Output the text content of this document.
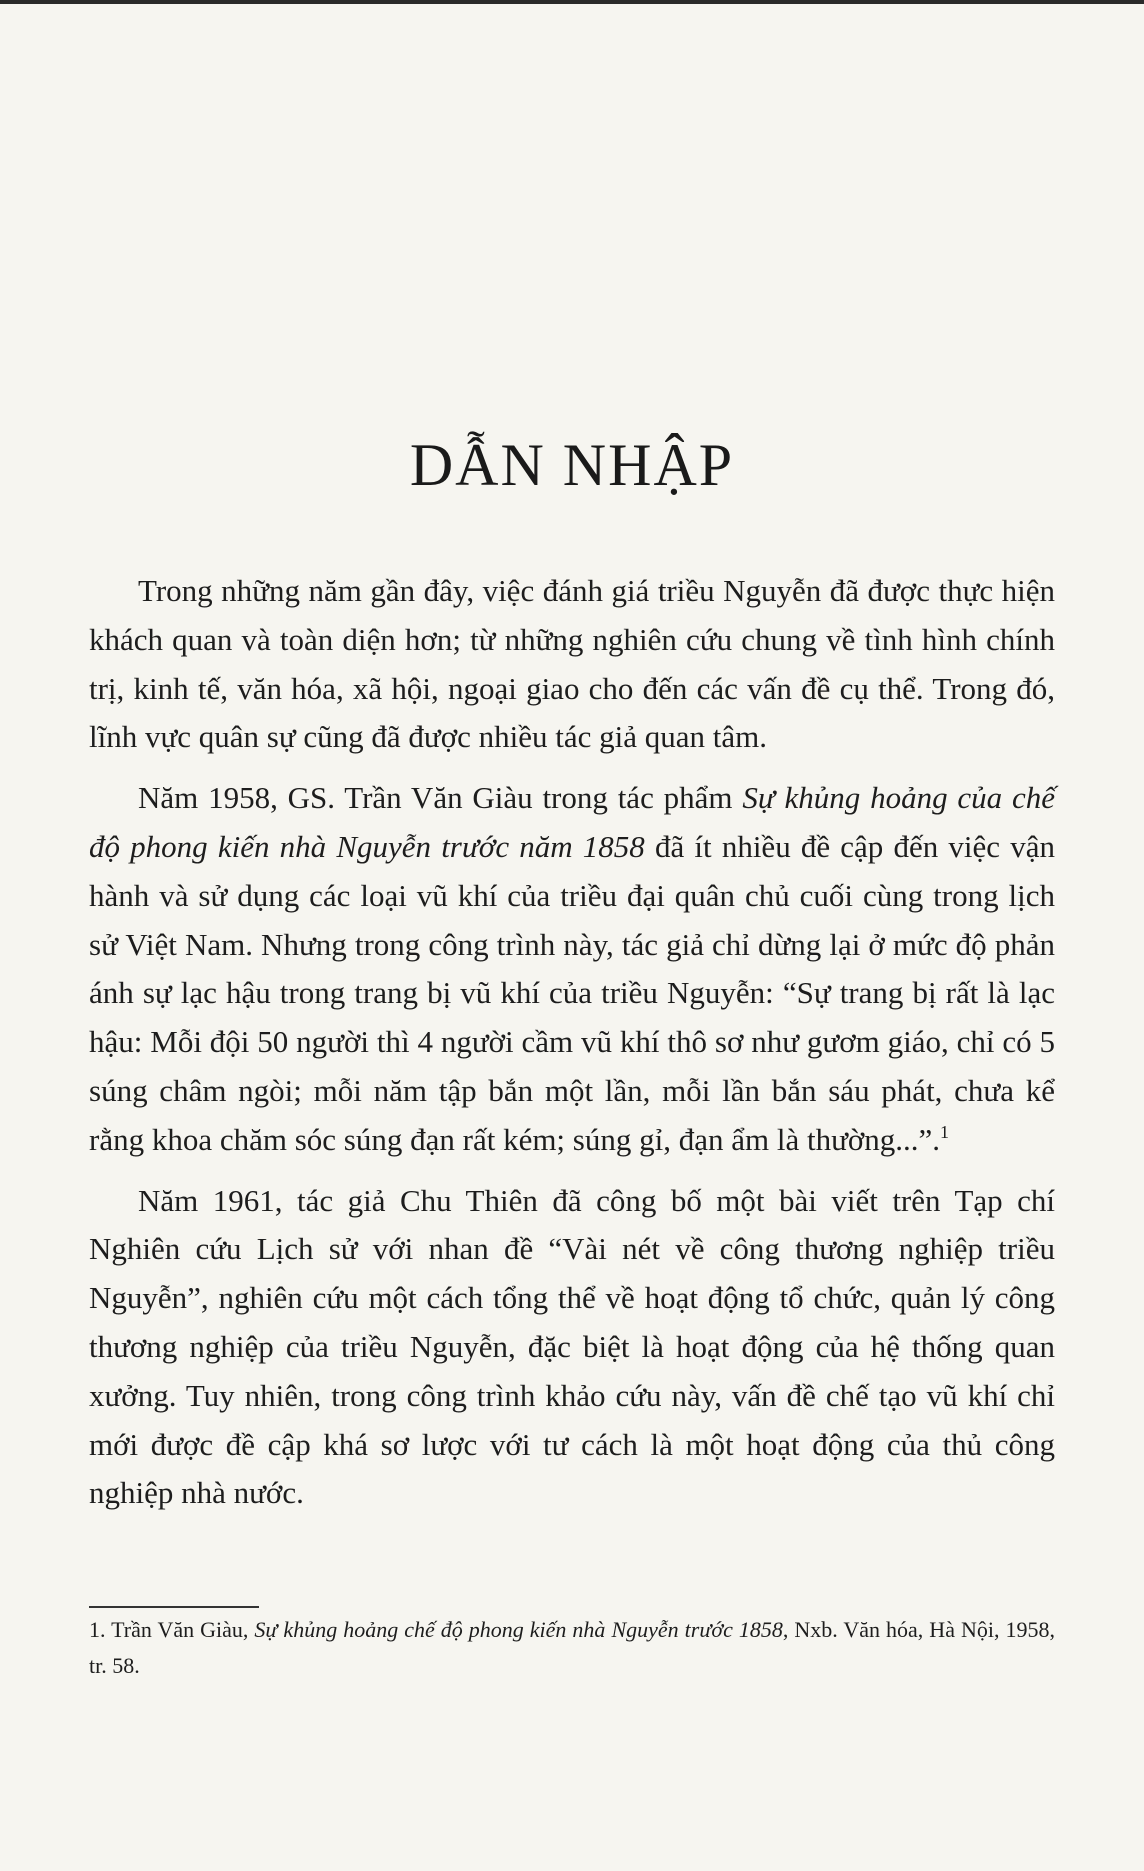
DẪN NHẬP

Trong những năm gần đây, việc đánh giá triều Nguyễn đã được thực hiện khách quan và toàn diện hơn; từ những nghiên cứu chung về tình hình chính trị, kinh tế, văn hóa, xã hội, ngoại giao cho đến các vấn đề cụ thể. Trong đó, lĩnh vực quân sự cũng đã được nhiều tác giả quan tâm.

Năm 1958, GS. Trần Văn Giàu trong tác phẩm Sự khủng hoảng của chế độ phong kiến nhà Nguyễn trước năm 1858 đã ít nhiều đề cập đến việc vận hành và sử dụng các loại vũ khí của triều đại quân chủ cuối cùng trong lịch sử Việt Nam. Nhưng trong công trình này, tác giả chỉ dừng lại ở mức độ phản ánh sự lạc hậu trong trang bị vũ khí của triều Nguyễn: “Sự trang bị rất là lạc hậu: Mỗi đội 50 người thì 4 người cầm vũ khí thô sơ như gươm giáo, chỉ có 5 súng châm ngòi; mỗi năm tập bắn một lần, mỗi lần bắn sáu phát, chưa kể rằng khoa chăm sóc súng đạn rất kém; súng gỉ, đạn ẩm là thường...”.$^1$

Năm 1961, tác giả Chu Thiên đã công bố một bài viết trên Tạp chí Nghiên cứu Lịch sử với nhan đề “Vài nét về công thương nghiệp triều Nguyễn”, nghiên cứu một cách tổng thể về hoạt động tổ chức, quản lý công thương nghiệp của triều Nguyễn, đặc biệt là hoạt động của hệ thống quan xưởng. Tuy nhiên, trong công trình khảo cứu này, vấn đề chế tạo vũ khí chỉ mới được đề cập khá sơ lược với tư cách là một hoạt động của thủ công nghiệp nhà nước.

1. Trần Văn Giàu, Sự khủng hoảng chế độ phong kiến nhà Nguyễn trước 1858, Nxb. Văn hóa, Hà Nội, 1958, tr. 58.
